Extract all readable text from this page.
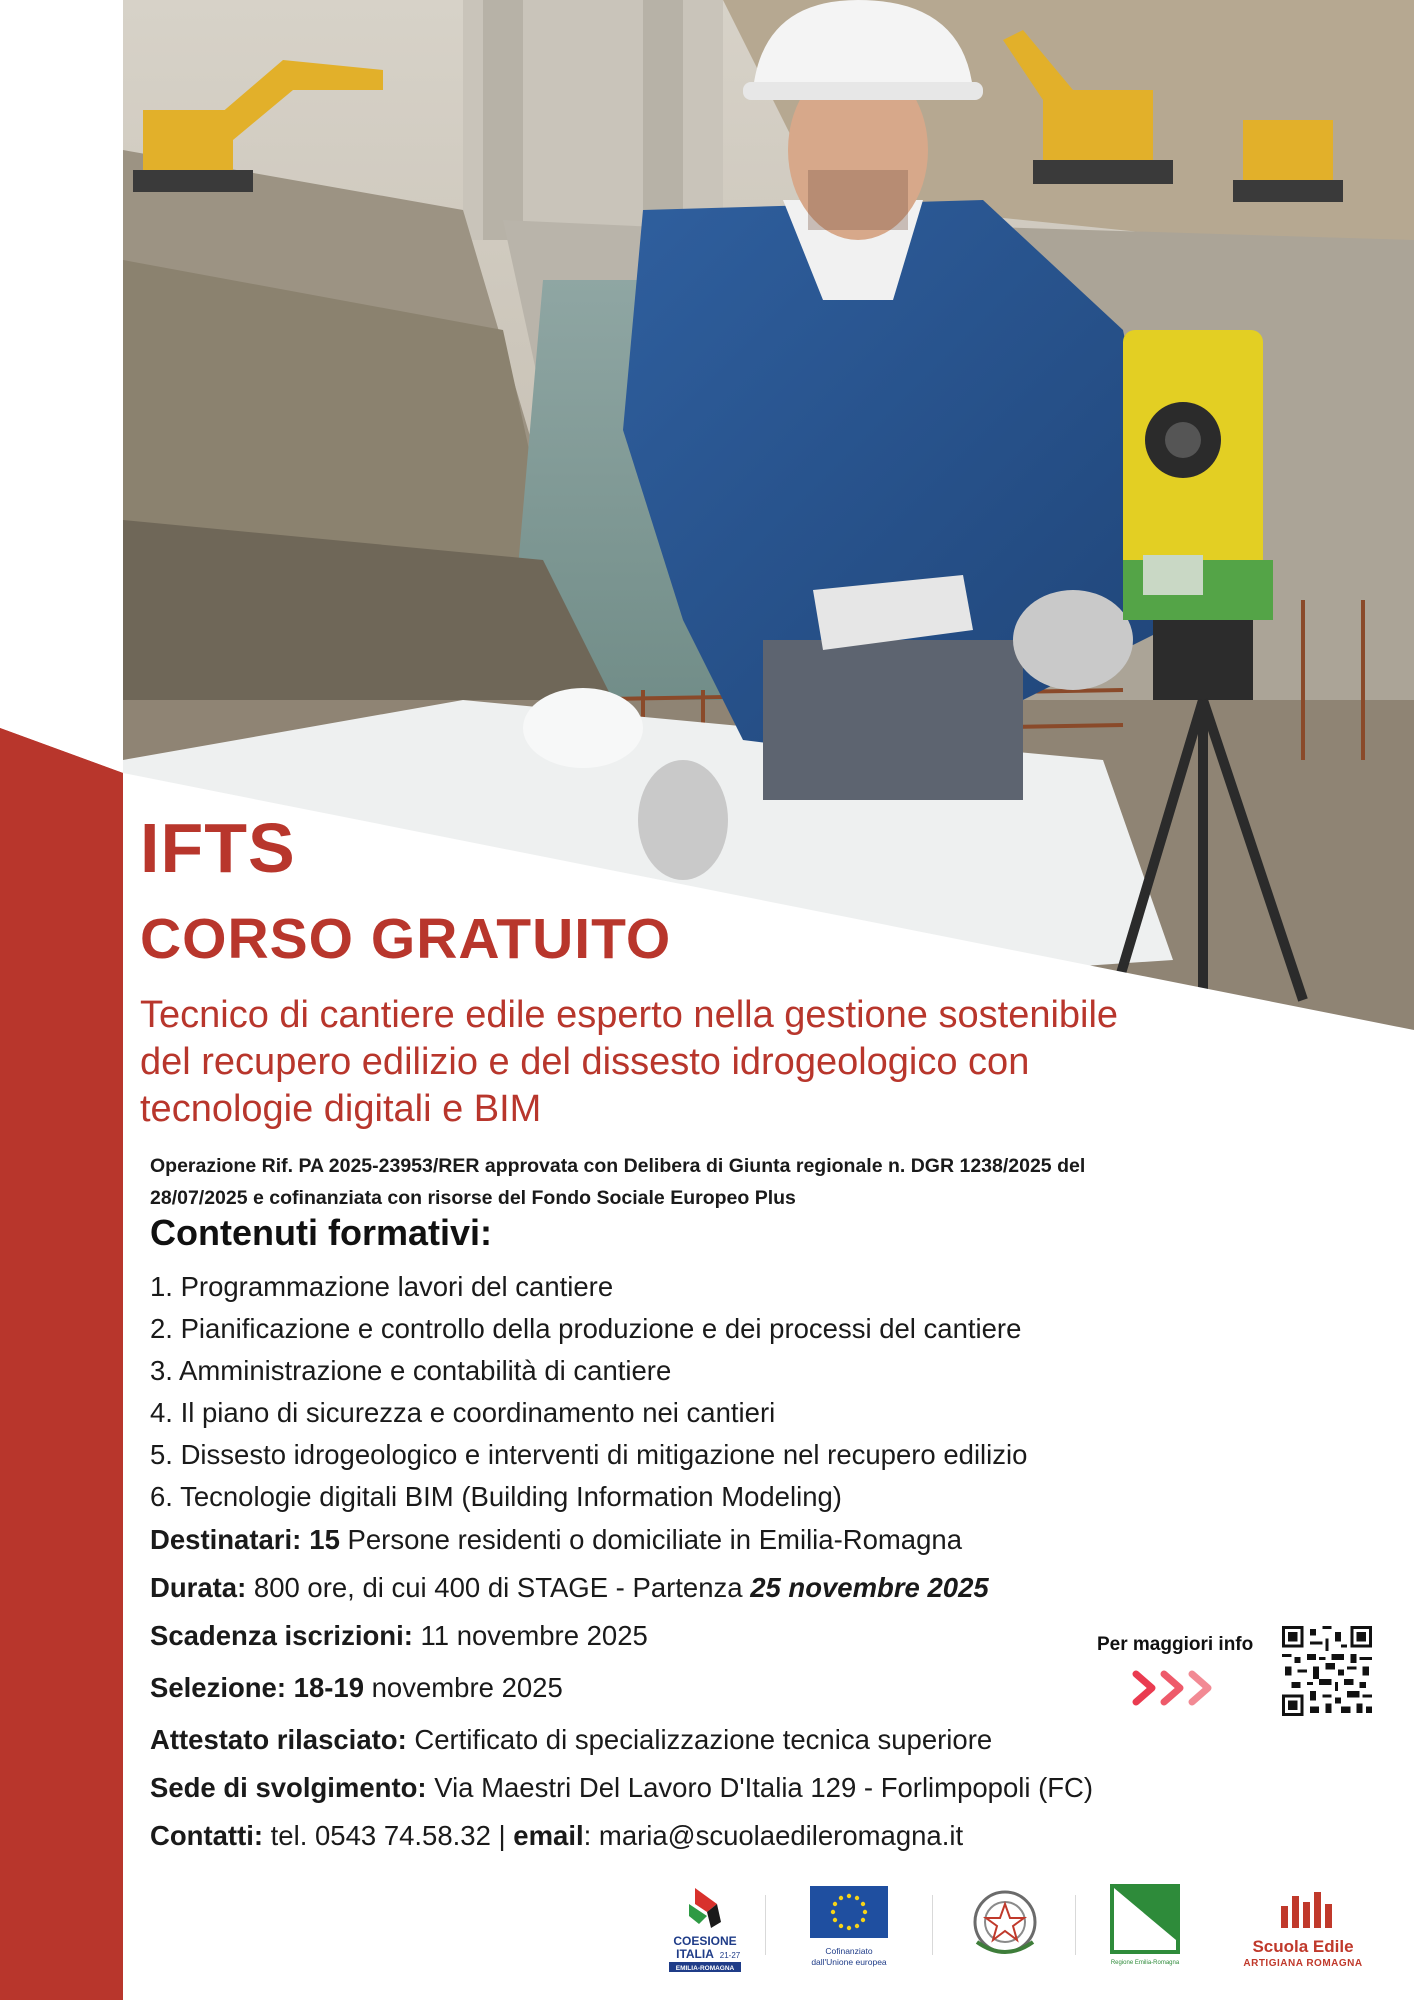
IFTS
CORSO GRATUITO

Tecnico di cantiere edile esperto nella gestione sostenibile
del recupero edilizio e del dissesto idrogeologico con
tecnologie digitali e BIM

Operazione Rif. PA 2025-23953/RER approvata con Delibera di Giunta regionale n. DGR 1238/2025 del
28/07/2025 e cofinanziata con risorse del Fondo Sociale Europeo Plus

Contenuti formativi:
1. Programmazione lavori del cantiere
2. Pianificazione e controllo della produzione e dei processi del cantiere
3. Amministrazione e contabilità di cantiere
4. Il piano di sicurezza e coordinamento nei cantieri
5. Dissesto idrogeologico e interventi di mitigazione nel recupero edilizio
6. Tecnologie digitali BIM (Building Information Modeling)

Destinatari: 15 Persone residenti o domiciliate in Emilia-Romagna

Durata: 800 ore, di cui 400 di STAGE - Partenza 25 novembre 2025

Scadenza iscrizioni: 11 novembre 2025

Selezione: 18-19 novembre 2025

Attestato rilasciato: Certificato di specializzazione tecnica superiore

Sede di svolgimento: Via Maestri Del Lavoro D'Italia 129 - Forlimpopoli (FC)

Contatti: tel. 0543 74.58.32 | email: maria@scuolaedileromagna.it

Per maggiori info
COESIONE
ITALIA 21-27
EMILIA-ROMAGNA
Cofinanziato
dall'Unione europea	Regione Emilia-Romagna
Scuola Edile
ARTIGIANA ROMAGNA
